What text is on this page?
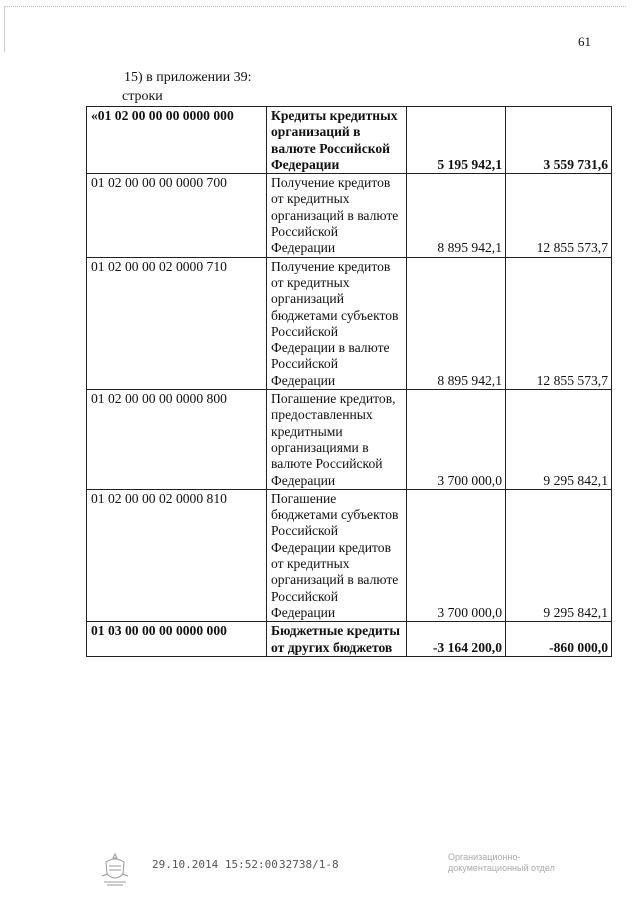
61
15) в приложении 39:
строки
«01 02 00 00 00 0000 000	Кредиты кредитных организаций в валюте Российской Федерации	5 195 942,1	3 559 731,6
01 02 00 00 00 0000 700	Получение кредитов от кредитных организаций в валюте Российской Федерации	8 895 942,1	12 855 573,7
01 02 00 00 02 0000 710	Получение кредитов от кредитных организаций бюджетами субъектов Российской Федерации в валюте Российской Федерации	8 895 942,1	12 855 573,7
01 02 00 00 00 0000 800	Погашение кредитов, предоставленных кредитными организациями в валюте Российской Федерации	3 700 000,0	9 295 842,1
01 02 00 00 02 0000 810	Погашение бюджетами субъектов Российской Федерации кредитов от кредитных организаций в валюте Российской Федерации	3 700 000,0	9 295 842,1
01 03 00 00 00 0000 000	Бюджетные кредиты от других бюджетов	-3 164 200,0	-860 000,0
29.10.2014 15:52:00 32738/1-8
Организационно-
документационный отдел
